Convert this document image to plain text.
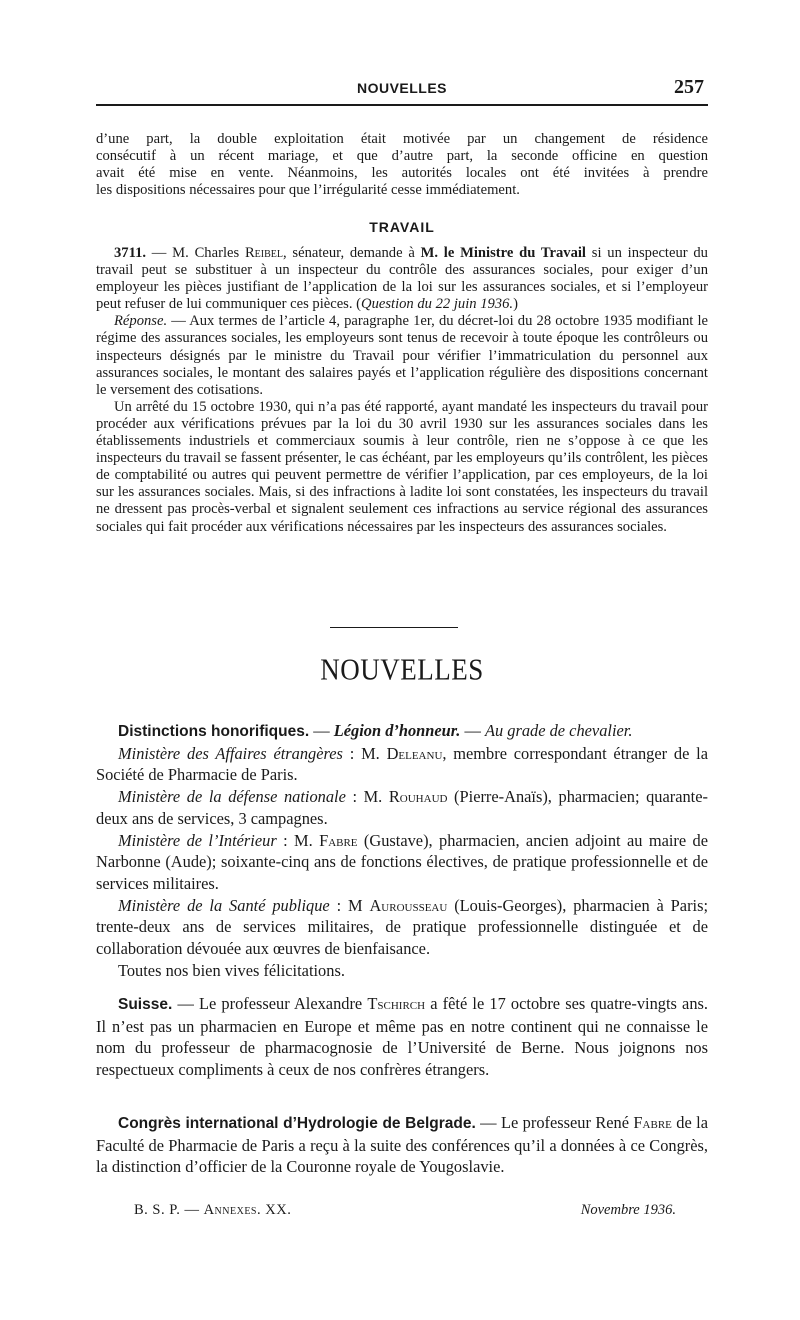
NOUVELLES	257
d’une part, la double exploitation était motivée par un changement de résidence
consécutif à un récent mariage, et que d’autre part, la seconde officine en question
avait été mise en vente. Néanmoins, les autorités locales ont été invitées à prendre
les dispositions nécessaires pour que l’irrégularité cesse immédiatement.
TRAVAIL

3711. — M. Charles Reibel, sénateur, demande à M. le Ministre du Travail si un inspecteur du travail peut se substituer à un inspecteur du contrôle des assurances sociales, pour exiger d’un employeur les pièces justifiant de l’application de la loi sur les assurances sociales, et si l’employeur peut refuser de lui communiquer ces pièces. (Question du 22 juin 1936.)

Réponse. — Aux termes de l’article 4, paragraphe 1er, du décret-loi du 28 octobre 1935 modifiant le régime des assurances sociales, les employeurs sont tenus de recevoir à toute époque les contrôleurs ou inspecteurs désignés par le ministre du Travail pour vérifier l’immatriculation du personnel aux assurances sociales, le montant des salaires payés et l’application régulière des dispositions concernant le versement des cotisations.

Un arrêté du 15 octobre 1930, qui n’a pas été rapporté, ayant mandaté les inspecteurs du travail pour procéder aux vérifications prévues par la loi du 30 avril 1930 sur les assurances sociales dans les établissements industriels et commerciaux soumis à leur contrôle, rien ne s’oppose à ce que les inspecteurs du travail se fassent présenter, le cas échéant, par les employeurs qu’ils contrôlent, les pièces de comptabilité ou autres qui peuvent permettre de vérifier l’application, par ces employeurs, de la loi sur les assurances sociales. Mais, si des infractions à ladite loi sont constatées, les inspecteurs du travail ne dressent pas procès-verbal et signalent seulement ces infractions au service régional des assurances sociales qui fait procéder aux vérifications nécessaires par les inspecteurs des assurances sociales.

NOUVELLES

Distinctions honorifiques. — Légion d’honneur. — Au grade de chevalier.

Ministère des Affaires étrangères : M. Deleanu, membre correspondant étranger de la Société de Pharmacie de Paris.

Ministère de la défense nationale : M. Rouhaud (Pierre-Anaïs), pharmacien; quarante-deux ans de services, 3 campagnes.

Ministère de l’Intérieur : M. Fabre (Gustave), pharmacien, ancien adjoint au maire de Narbonne (Aude); soixante-cinq ans de fonctions électives, de pratique professionnelle et de services militaires.

Ministère de la Santé publique : M Aurousseau (Louis-Georges), pharmacien à Paris; trente-deux ans de services militaires, de pratique professionnelle distinguée et de collaboration dévouée aux œuvres de bienfaisance.

Toutes nos bien vives félicitations.

Suisse. — Le professeur Alexandre Tschirch a fêté le 17 octobre ses quatre-vingts ans. Il n’est pas un pharmacien en Europe et même pas en notre continent qui ne connaisse le nom du professeur de pharmacognosie de l’Université de Berne. Nous joignons nos respectueux compliments à ceux de nos confrères étrangers.

Congrès international d’Hydrologie de Belgrade. — Le professeur René Fabre de la Faculté de Pharmacie de Paris a reçu à la suite des conférences qu’il a données à ce Congrès, la distinction d’officier de la Couronne royale de Yougoslavie.

B. S. P. — Annexes. XX.	Novembre 1936.
